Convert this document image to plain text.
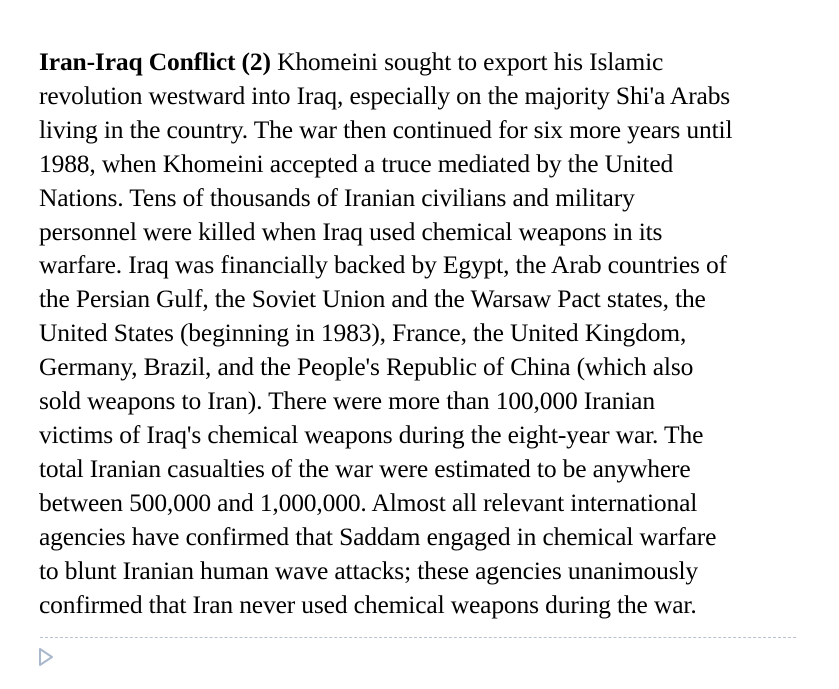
Iran-Iraq Conflict (2) Khomeini sought to export his Islamic
revolution westward into Iraq, especially on the majority Shi'a Arabs
living in the country. The war then continued for six more years until
1988, when Khomeini accepted a truce mediated by the United
Nations. Tens of thousands of Iranian civilians and military
personnel were killed when Iraq used chemical weapons in its
warfare. Iraq was financially backed by Egypt, the Arab countries of
the Persian Gulf, the Soviet Union and the Warsaw Pact states, the
United States (beginning in 1983), France, the United Kingdom,
Germany, Brazil, and the People's Republic of China (which also
sold weapons to Iran). There were more than 100,000 Iranian
victims of Iraq's chemical weapons during the eight-year war. The
total Iranian casualties of the war were estimated to be anywhere
between 500,000 and 1,000,000. Almost all relevant international
agencies have confirmed that Saddam engaged in chemical warfare
to blunt Iranian human wave attacks; these agencies unanimously
confirmed that Iran never used chemical weapons during the war.
